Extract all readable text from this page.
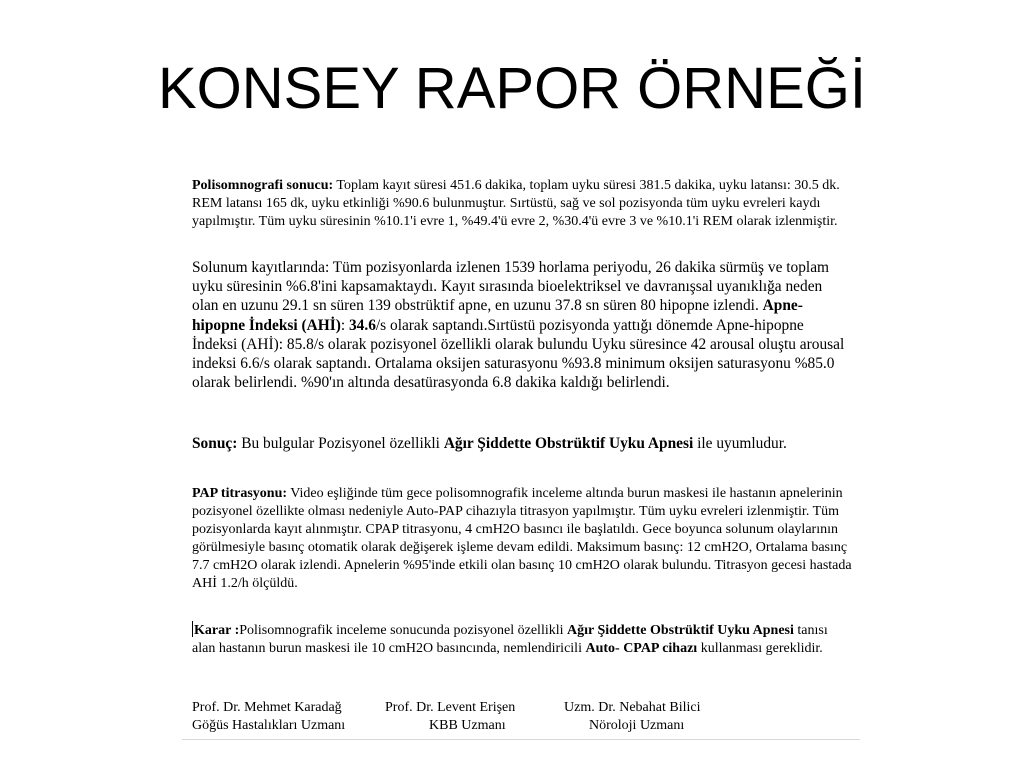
KONSEY RAPOR ÖRNEĞİ

Polisomnografi sonucu: Toplam kayıt süresi 451.6 dakika, toplam uyku süresi 381.5 dakika, uyku latansı: 30.5 dk. REM latansı 165 dk, uyku etkinliği %90.6 bulunmuştur. Sırtüstü, sağ ve sol pozisyonda tüm uyku evreleri kaydı yapılmıştır. Tüm uyku süresinin %10.1'i evre 1, %49.4'ü evre 2, %30.4'ü evre 3 ve %10.1'i REM olarak izlenmiştir.

Solunum kayıtlarında: Tüm pozisyonlarda izlenen 1539 horlama periyodu, 26 dakika sürmüş ve toplam uyku süresinin %6.8'ini kapsamaktaydı. Kayıt sırasında bioelektriksel ve davranışsal uyanıklığa neden olan en uzunu 29.1 sn süren 139 obstrüktif apne, en uzunu 37.8 sn süren 80 hipopne izlendi. Apne-hipopne İndeksi (AHİ): 34.6/s olarak saptandı.Sırtüstü pozisyonda yattığı dönemde Apne-hipopne İndeksi (AHİ): 85.8/s olarak pozisyonel özellikli olarak bulundu Uyku süresince 42 arousal oluştu arousal indeksi 6.6/s olarak saptandı. Ortalama oksijen saturasyonu %93.8 minimum oksijen saturasyonu %85.0 olarak belirlendi. %90'ın altında desatürasyonda 6.8 dakika kaldığı belirlendi.

Sonuç: Bu bulgular Pozisyonel özellikli Ağır Şiddette Obstrüktif Uyku Apnesi ile uyumludur.

PAP titrasyonu: Video eşliğinde tüm gece polisomnografik inceleme altında burun maskesi ile hastanın apnelerinin pozisyonel özellikte olması nedeniyle Auto-PAP cihazıyla titrasyon yapılmıştır. Tüm uyku evreleri izlenmiştir. Tüm pozisyonlarda kayıt alınmıştır. CPAP titrasyonu, 4 cmH2O basıncı ile başlatıldı. Gece boyunca solunum olaylarının görülmesiyle basınç otomatik olarak değişerek işleme devam edildi. Maksimum basınç: 12 cmH2O, Ortalama basınç 7.7 cmH2O olarak izlendi. Apnelerin %95'inde etkili olan basınç 10 cmH2O olarak bulundu. Titrasyon gecesi hastada AHİ 1.2/h ölçüldü.

Karar :Polisomnografik inceleme sonucunda pozisyonel özellikli Ağır Şiddette Obstrüktif Uyku Apnesi tanısı alan hastanın burun maskesi ile 10 cmH2O basıncında, nemlendiricili Auto- CPAP cihazı kullanması gereklidir.

Prof. Dr. Mehmet Karadağ	Prof. Dr. Levent Erişen	Uzm. Dr. Nebahat Bilici
Göğüs Hastalıkları Uzmanı	KBB Uzmanı	Nöroloji Uzmanı
